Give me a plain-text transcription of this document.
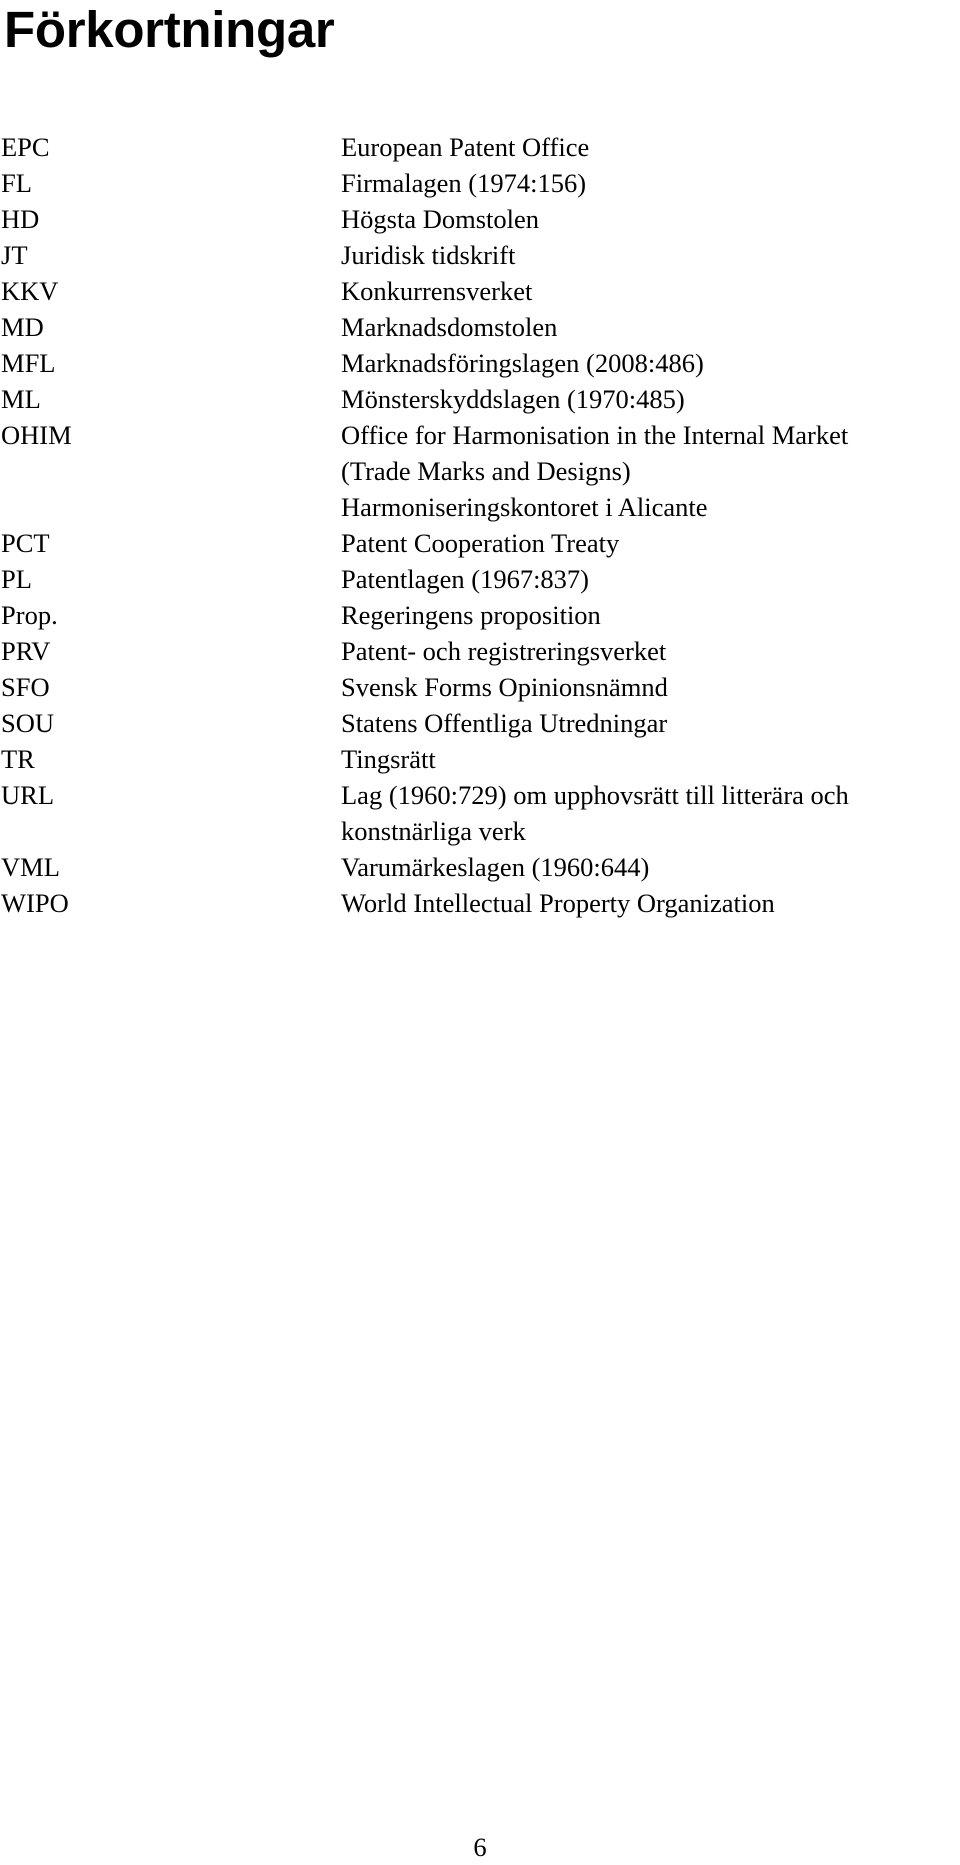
Förkortningar
EPC	European Patent Office
FL	Firmalagen (1974:156)
HD	Högsta Domstolen
JT	Juridisk tidskrift
KKV	Konkurrensverket
MD	Marknadsdomstolen
MFL	Marknadsföringslagen (2008:486)
ML	Mönsterskyddslagen (1970:485)
OHIM	Office for Harmonisation in the Internal Market
(Trade Marks and Designs)
Harmoniseringskontoret i Alicante
PCT	Patent Cooperation Treaty
PL	Patentlagen (1967:837)
Prop.	Regeringens proposition
PRV	Patent- och registreringsverket
SFO	Svensk Forms Opinionsnämnd
SOU	Statens Offentliga Utredningar
TR	Tingsrätt
URL	Lag (1960:729) om upphovsrätt till litterära och
konstnärliga verk
VML	Varumärkeslagen (1960:644)
WIPO	World Intellectual Property Organization
6
